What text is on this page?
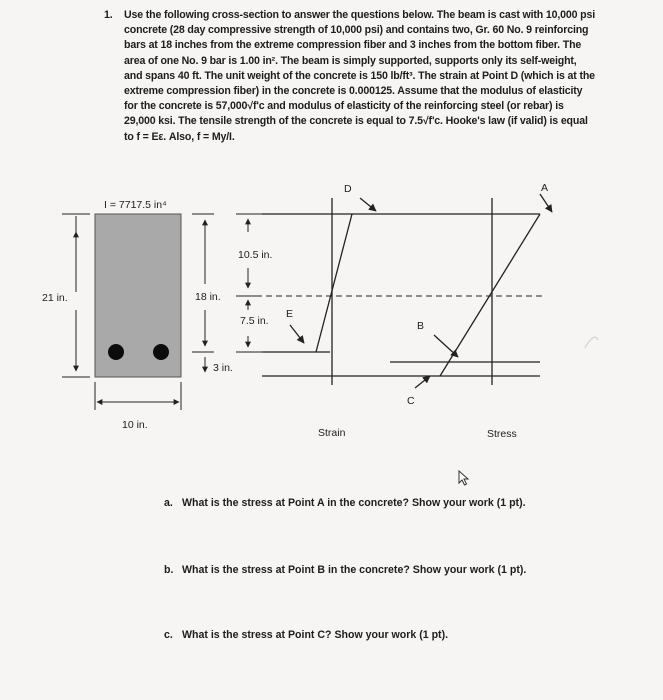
1. Use the following cross-section to answer the questions below. The beam is cast with 10,000 psi concrete (28 day compressive strength of 10,000 psi) and contains two, Gr. 60 No. 9 reinforcing bars at 18 inches from the extreme compression fiber and 3 inches from the bottom fiber. The area of one No. 9 bar is 1.00 in². The beam is simply supported, supports only its self-weight, and spans 40 ft. The unit weight of the concrete is 150 lb/ft³. The strain at Point D (which is at the extreme compression fiber) in the concrete is 0.000125. Assume that the modulus of elasticity for the concrete is 57,000√f'c and modulus of elasticity of the reinforcing steel (or rebar) is 29,000 ksi. The tensile strength of the concrete is equal to 7.5√f'c. Hooke's law (if valid) is equal to f = Eε. Also, f = My/I.
I = 7717.5 in⁴
21 in.
10 in.
18 in.
10.5 in.
7.5 in.
3 in.
D	A
E
B
C
Strain	Stress
a. What is the stress at Point A in the concrete? Show your work (1 pt).
b. What is the stress at Point B in the concrete? Show your work (1 pt).
c. What is the stress at Point C? Show your work (1 pt).
